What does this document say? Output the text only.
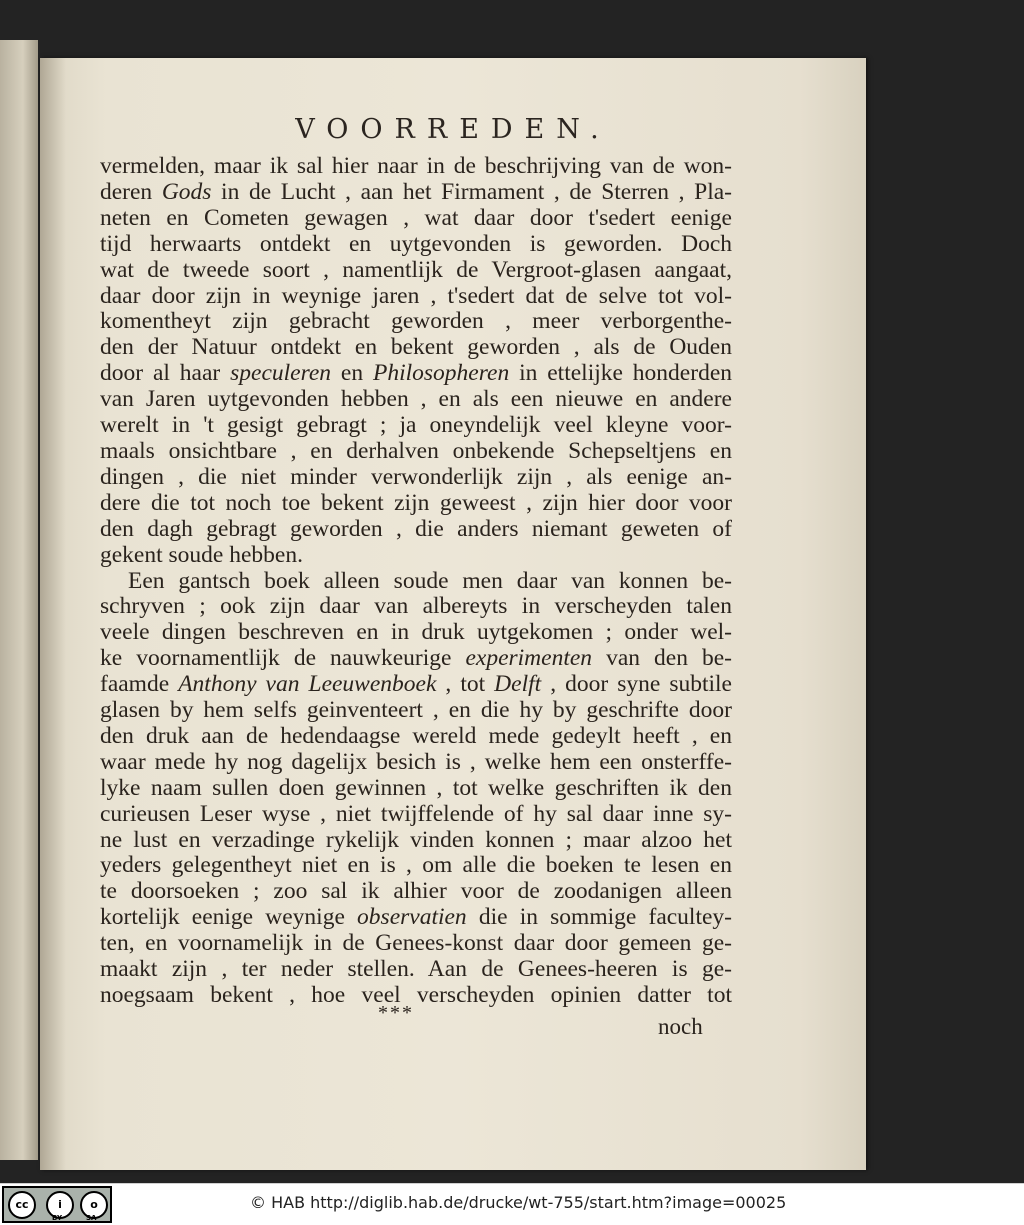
VOORREDEN.
vermelden, maar ik sal hier naar in de beschrijving van de won-
deren Gods in de Lucht , aan het Firmament , de Sterren , Pla-
neten en Cometen gewagen , wat daar door t'sedert eenige
tijd herwaarts ontdekt en uytgevonden is geworden. Doch
wat de tweede soort , namentlijk de Vergroot-glasen aangaat,
daar door zijn in weynige jaren , t'sedert dat de selve tot vol-
komentheyt zijn gebracht geworden , meer verborgenthe-
den der Natuur ontdekt en bekent geworden , als de Ouden
door al haar speculeren en Philosopheren in ettelijke honderden
van Jaren uytgevonden hebben , en als een nieuwe en andere
werelt in 't gesigt gebragt ; ja oneyndelijk veel kleyne voor-
maals onsichtbare , en derhalven onbekende Schepseltjens en
dingen , die niet minder verwonderlijk zijn , als eenige an-
dere die tot noch toe bekent zijn geweest , zijn hier door voor
den dagh gebragt geworden , die anders niemant geweten of
gekent soude hebben.
Een gantsch boek alleen soude men daar van konnen be-
schryven ; ook zijn daar van albereyts in verscheyden talen
veele dingen beschreven en in druk uytgekomen ; onder wel-
ke voornamentlijk de nauwkeurige experimenten van den be-
faamde Anthony van Leeuwenboek , tot Delft , door syne subtile
glasen by hem selfs geinventeert , en die hy by geschrifte door
den druk aan de hedendaagse wereld mede gedeylt heeft , en
waar mede hy nog dagelijx besich is , welke hem een onsterffe-
lyke naam sullen doen gewinnen , tot welke geschriften ik den
curieusen Leser wyse , niet twijffelende of hy sal daar inne sy-
ne lust en verzadinge rykelijk vinden konnen ; maar alzoo het
yeders gelegentheyt niet en is , om alle die boeken te lesen en
te doorsoeken ; zoo sal ik alhier voor de zoodanigen alleen
kortelijk eenige weynige observatien die in sommige facultey-
ten, en voornamelijk in de Genees-konst daar door gemeen ge-
maakt zijn , ter neder stellen. Aan de Genees-heeren is ge-
noegsaam bekent , hoe veel verscheyden opinien datter tot
***
noch
cc	i	o
BY	SA
© HAB http://diglib.hab.de/drucke/wt-755/start.htm?image=00025
